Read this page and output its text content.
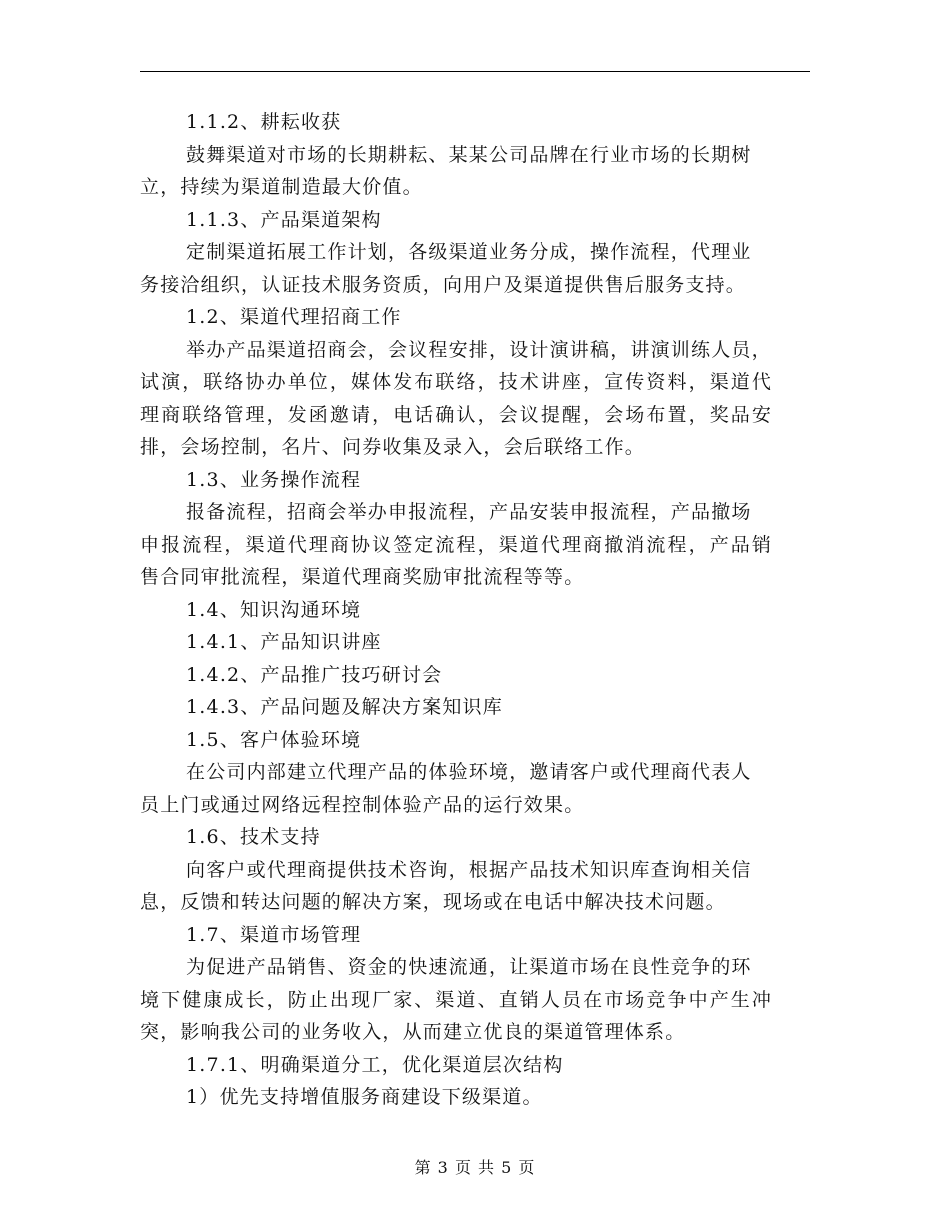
1.1.2、耕耘收获
鼓舞渠道对市场的长期耕耘、某某公司品牌在行业市场的长期树
立，持续为渠道制造最大价值。
1.1.3、产品渠道架构
定制渠道拓展工作计划，各级渠道业务分成，操作流程，代理业
务接洽组织，认证技术服务资质，向用户及渠道提供售后服务支持。
1.2、渠道代理招商工作
举办产品渠道招商会，会议程安排，设计演讲稿，讲演训练人员，
试演，联络协办单位，媒体发布联络，技术讲座，宣传资料，渠道代
理商联络管理，发函邀请，电话确认，会议提醒，会场布置，奖品安
排，会场控制，名片、问券收集及录入，会后联络工作。
1.3、业务操作流程
报备流程，招商会举办申报流程，产品安装申报流程，产品撤场
申报流程，渠道代理商协议签定流程，渠道代理商撤消流程，产品销
售合同审批流程，渠道代理商奖励审批流程等等。
1.4、知识沟通环境
1.4.1、产品知识讲座
1.4.2、产品推广技巧研讨会
1.4.3、产品问题及解决方案知识库
1.5、客户体验环境
在公司内部建立代理产品的体验环境，邀请客户或代理商代表人
员上门或通过网络远程控制体验产品的运行效果。
1.6、技术支持
向客户或代理商提供技术咨询，根据产品技术知识库查询相关信
息，反馈和转达问题的解决方案，现场或在电话中解决技术问题。
1.7、渠道市场管理
为促进产品销售、资金的快速流通，让渠道市场在良性竞争的环
境下健康成长，防止出现厂家、渠道、直销人员在市场竞争中产生冲
突，影响我公司的业务收入，从而建立优良的渠道管理体系。
1.7.1、明确渠道分工，优化渠道层次结构
1）优先支持增值服务商建设下级渠道。
第 3 页 共 5 页
